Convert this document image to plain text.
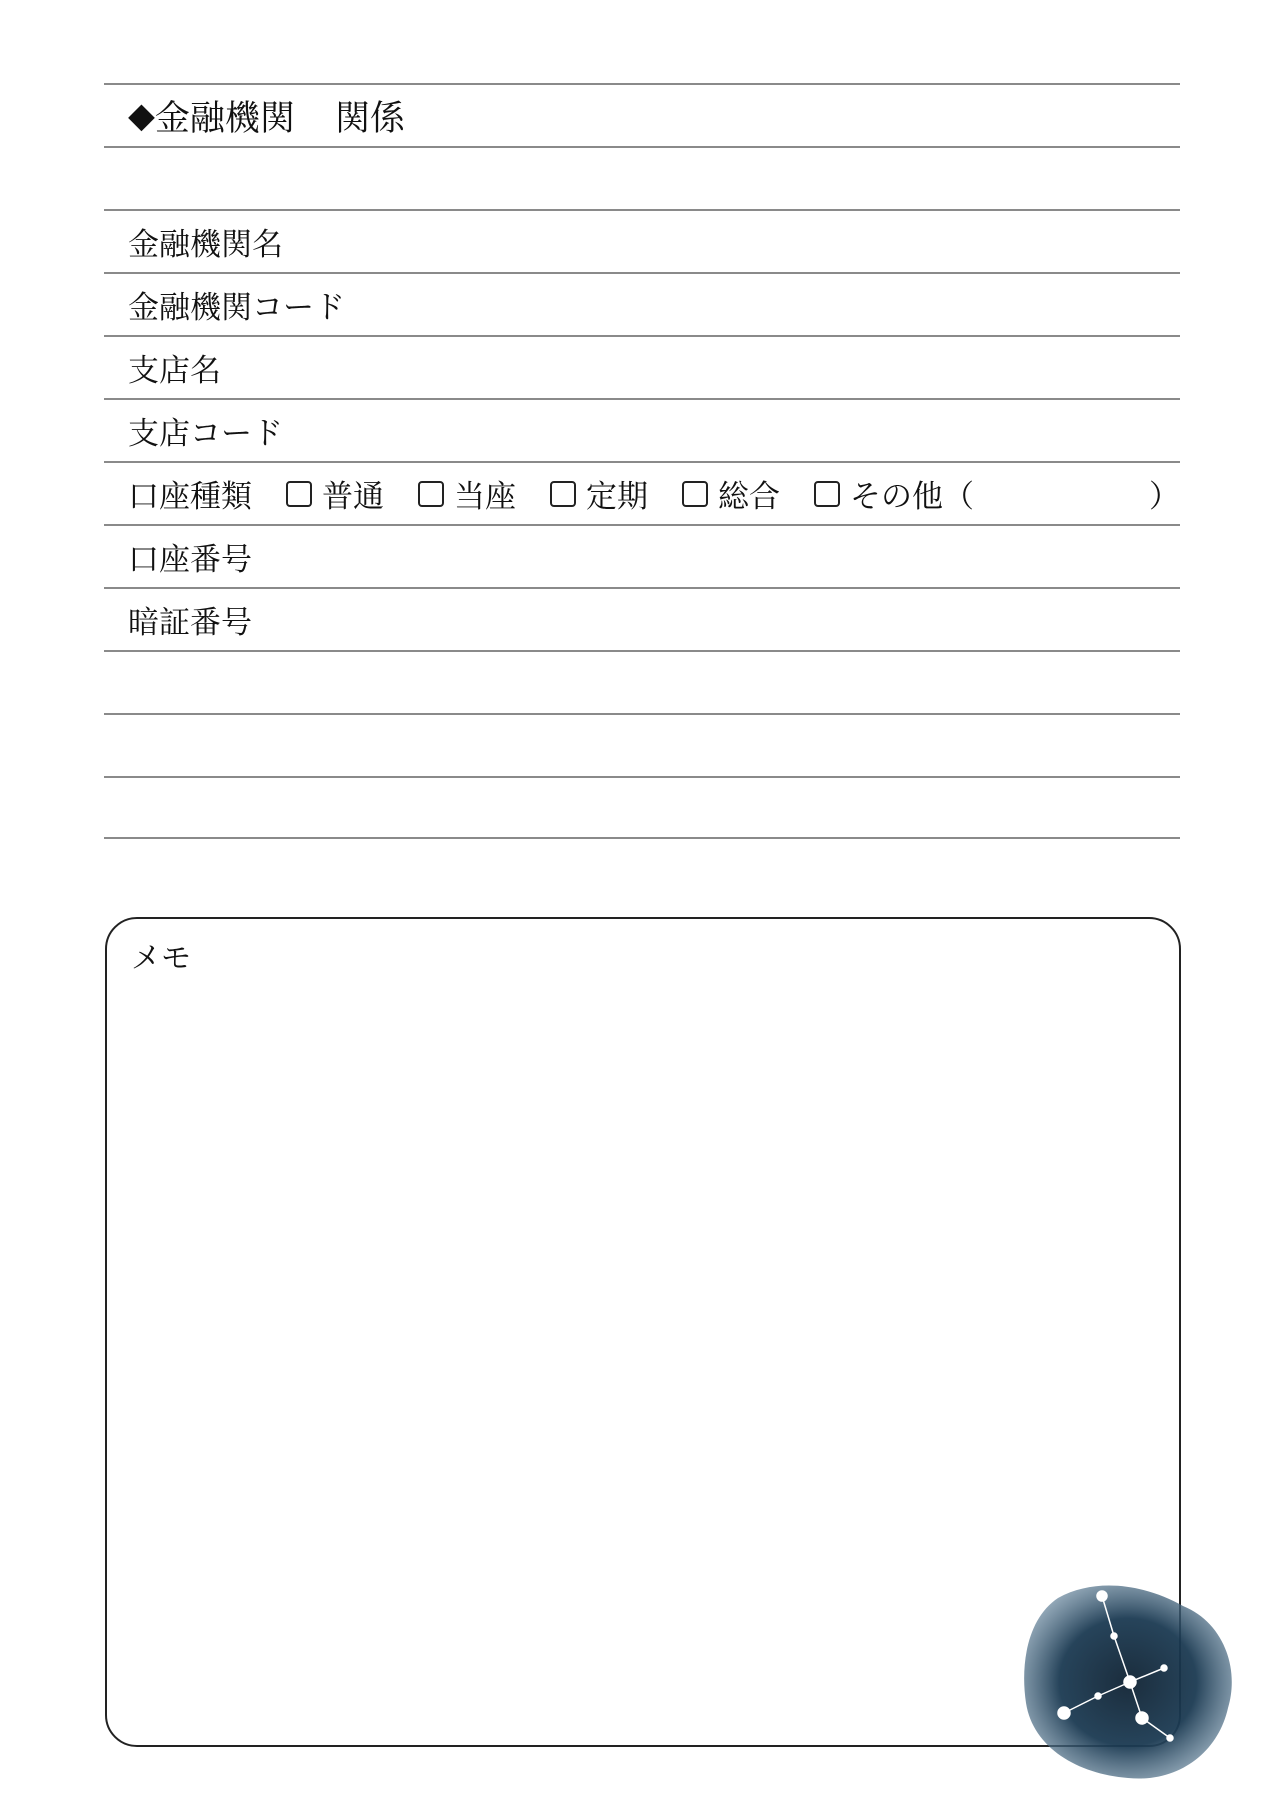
◆ 金融機関 関係
金融機関名
金融機関コード
支店名
支店コード
口座種類 普通 当座 定期 総合 その他（	）
口座番号
暗証番号
メモ
